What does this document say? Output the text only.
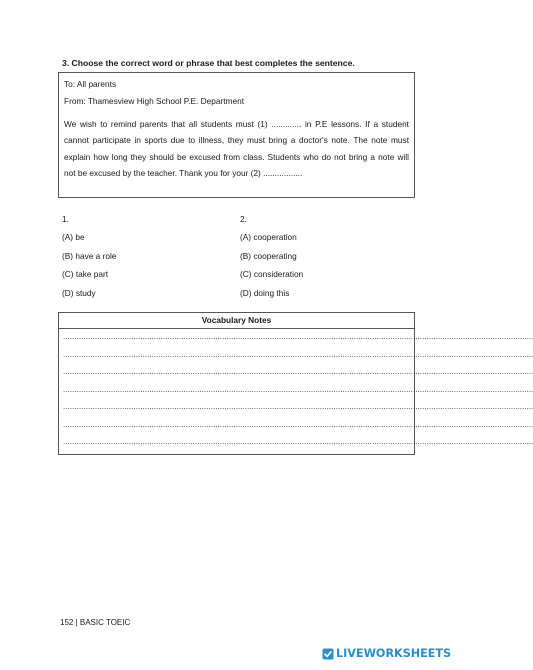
3. Choose the correct word or phrase that best completes the sentence.
To: All parents
From: Thamesview High School P.E. Department
We wish to remind parents that all students must (1) ............. in P.E lessons. If a student cannot participate in sports due to illness, they must bring a doctor's note. The note must explain how long they should be excused from class. Students who do not bring a note will not be excused by the teacher. Thank you for your (2) .................
1.
(A) be
(B) have a role
(C) take part
(D) study
2.
(A) cooperation
(B) cooperating
(C) consideration
(D) doing this
Vocabulary Notes
...............................................................................................................................................................................................................
...............................................................................................................................................................................................................
...............................................................................................................................................................................................................
...............................................................................................................................................................................................................
...............................................................................................................................................................................................................
...............................................................................................................................................................................................................
...............................................................................................................................................................................................................
152 | BASIC TOEIC
LIVEWORKSHEETS
